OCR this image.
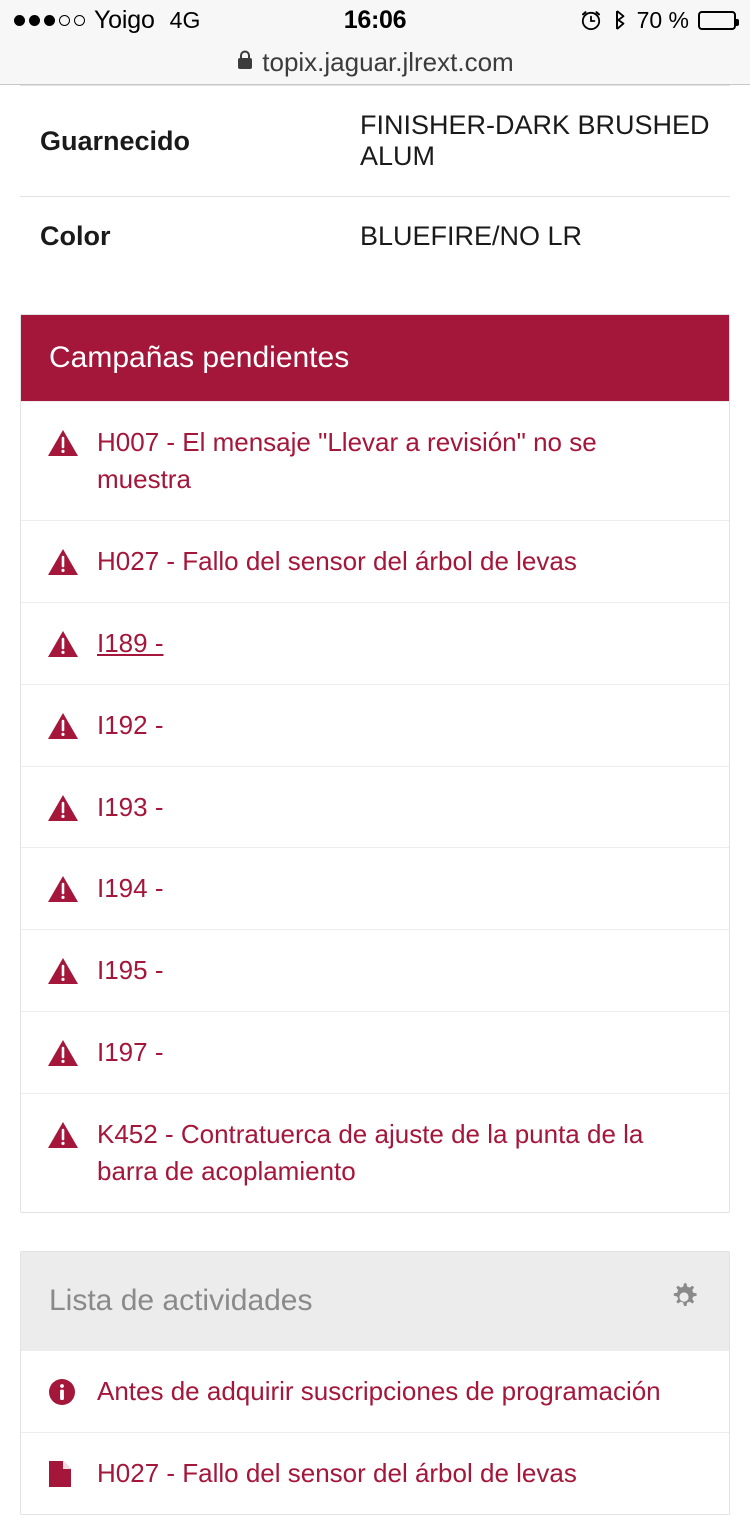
Yoigo 4G	16:06	70 %
topix.jaguar.jlrext.com
Guarnecido	FINISHER-DARK BRUSHED ALUM
Color	BLUEFIRE/NO LR
Campañas pendientes
H007 - El mensaje "Llevar a revisión" no se muestra
H027 - Fallo del sensor del árbol de levas
I189 -
I192 -
I193 -
I194 -
I195 -
I197 -
K452 - Contratuerca de ajuste de la punta de la barra de acoplamiento
Lista de actividades
Antes de adquirir suscripciones de programación
H027 - Fallo del sensor del árbol de levas
